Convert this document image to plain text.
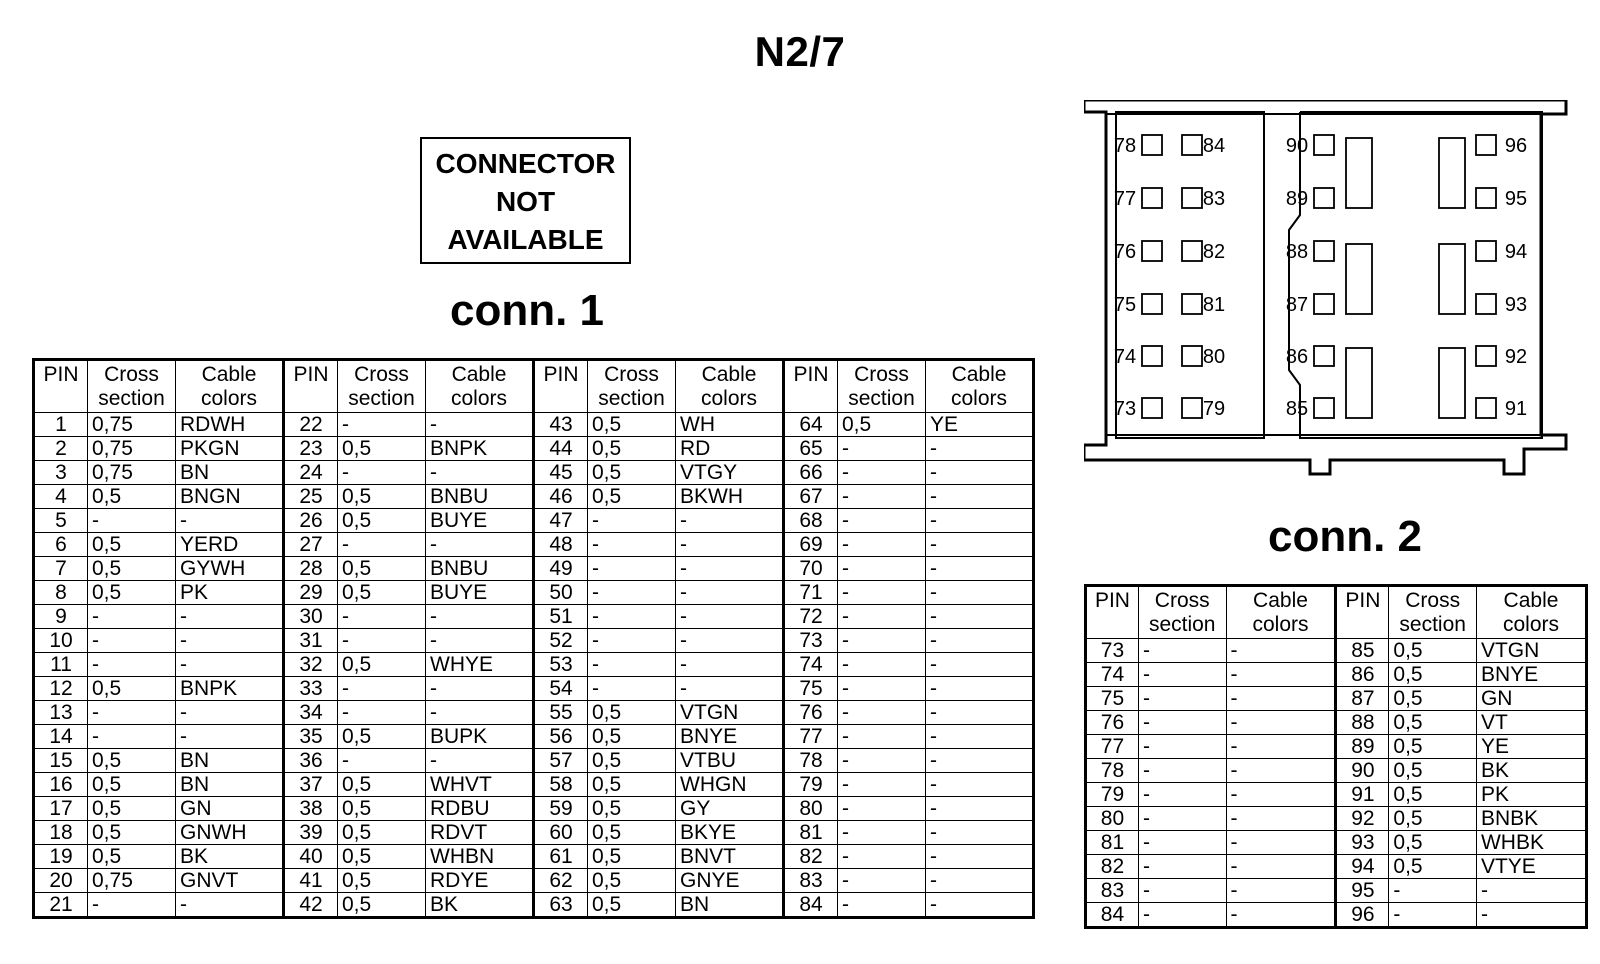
N2/7
CONNECTOR
NOT
AVAILABLE
conn. 1
PIN	Cross section	Cable colors	PIN	Cross section	Cable colors	PIN	Cross section	Cable colors	PIN	Cross section	Cable colors
1	0,75	RDWH	22	-	-	43	0,5	WH	64	0,5	YE
2	0,75	PKGN	23	0,5	BNPK	44	0,5	RD	65	-	-
3	0,75	BN	24	-	-	45	0,5	VTGY	66	-	-
4	0,5	BNGN	25	0,5	BNBU	46	0,5	BKWH	67	-	-
5	-	-	26	0,5	BUYE	47	-	-	68	-	-
6	0,5	YERD	27	-	-	48	-	-	69	-	-
7	0,5	GYWH	28	0,5	BNBU	49	-	-	70	-	-
8	0,5	PK	29	0,5	BUYE	50	-	-	71	-	-
9	-	-	30	-	-	51	-	-	72	-	-
10	-	-	31	-	-	52	-	-	73	-	-
11	-	-	32	0,5	WHYE	53	-	-	74	-	-
12	0,5	BNPK	33	-	-	54	-	-	75	-	-
13	-	-	34	-	-	55	0,5	VTGN	76	-	-
14	-	-	35	0,5	BUPK	56	0,5	BNYE	77	-	-
15	0,5	BN	36	-	-	57	0,5	VTBU	78	-	-
16	0,5	BN	37	0,5	WHVT	58	0,5	WHGN	79	-	-
17	0,5	GN	38	0,5	RDBU	59	0,5	GY	80	-	-
18	0,5	GNWH	39	0,5	RDVT	60	0,5	BKYE	81	-	-
19	0,5	BK	40	0,5	WHBN	61	0,5	BNVT	82	-	-
20	0,75	GNVT	41	0,5	RDYE	62	0,5	GNYE	83	-	-
21	-	-	42	0,5	BK	63	0,5	BN	84	-	-
78	84	90	96
77	83	89	95
76	82	88	94
75	81	87	93
74	80	86	92
73	79	85	91
conn. 2
PIN	Cross section	Cable colors	PIN	Cross section	Cable colors
73	-	-	85	0,5	VTGN
74	-	-	86	0,5	BNYE
75	-	-	87	0,5	GN
76	-	-	88	0,5	VT
77	-	-	89	0,5	YE
78	-	-	90	0,5	BK
79	-	-	91	0,5	PK
80	-	-	92	0,5	BNBK
81	-	-	93	0,5	WHBK
82	-	-	94	0,5	VTYE
83	-	-	95	-	-
84	-	-	96	-	-
